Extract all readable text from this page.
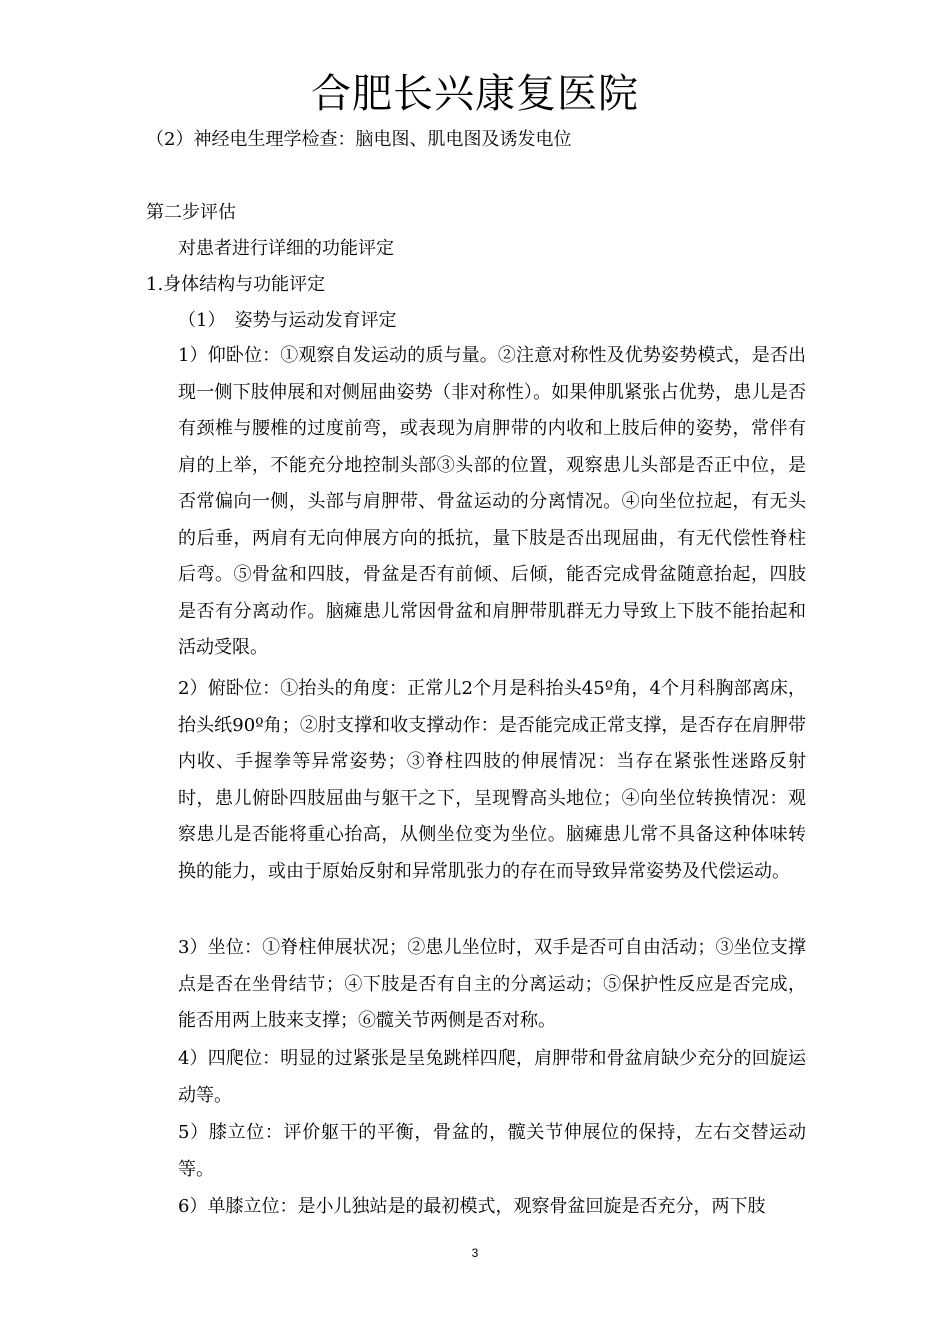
合肥长兴康复医院
（2）神经电生理学检查：脑电图、肌电图及诱发电位
第二步评估
对患者进行详细的功能评定
1.身体结构与功能评定
（1）　姿势与运动发育评定
1）仰卧位：①观察自发运动的质与量。②注意对称性及优势姿势模式，是否出现一侧下肢伸展和对侧屈曲姿势（非对称性）。如果伸肌紧张占优势，患儿是否有颈椎与腰椎的过度前弯，或表现为肩胛带的内收和上肢后伸的姿势，常伴有肩的上举，不能充分地控制头部③头部的位置，观察患儿头部是否正中位，是否常偏向一侧，头部与肩胛带、骨盆运动的分离情况。④向坐位拉起，有无头的后垂，两肩有无向伸展方向的抵抗，量下肢是否出现屈曲，有无代偿性脊柱后弯。⑤骨盆和四肢，骨盆是否有前倾、后倾，能否完成骨盆随意抬起，四肢是否有分离动作。脑瘫患儿常因骨盆和肩胛带肌群无力导致上下肢不能抬起和活动受限。
2）俯卧位：①抬头的角度：正常儿2个月是科抬头45º角，4个月科胸部离床，抬头纸90º角；②肘支撑和收支撑动作：是否能完成正常支撑，是否存在肩胛带内收、手握拳等异常姿势；③脊柱四肢的伸展情况：当存在紧张性迷路反射时，患儿俯卧四肢屈曲与躯干之下，呈现臀高头地位；④向坐位转换情况：观察患儿是否能将重心抬高，从侧坐位变为坐位。脑瘫患儿常不具备这种体味转换的能力，或由于原始反射和异常肌张力的存在而导致异常姿势及代偿运动。
3）坐位：①脊柱伸展状况；②患儿坐位时，双手是否可自由活动；③坐位支撑点是否在坐骨结节；④下肢是否有自主的分离运动；⑤保护性反应是否完成，能否用两上肢来支撑；⑥髋关节两侧是否对称。
4）四爬位：明显的过紧张是呈兔跳样四爬，肩胛带和骨盆肩缺少充分的回旋运动等。
5）膝立位：评价躯干的平衡，骨盆的，髋关节伸展位的保持，左右交替运动等。
6）单膝立位：是小儿独站是的最初模式，观察骨盆回旋是否充分，两下肢
3
